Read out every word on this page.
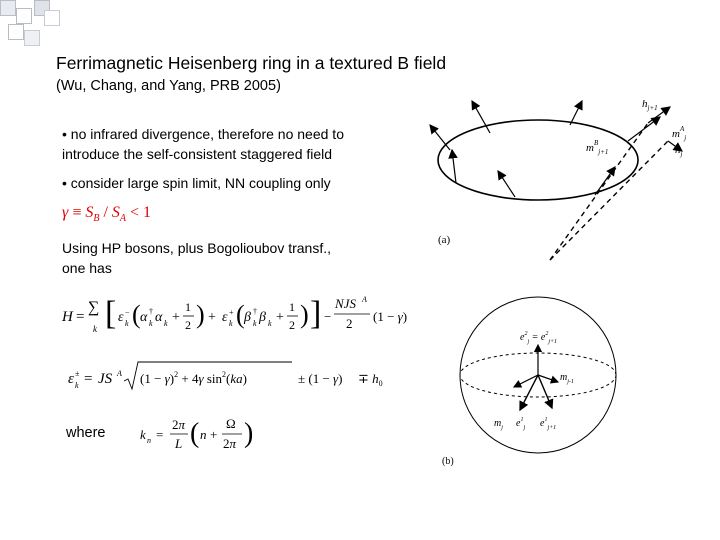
Ferrimagnetic Heisenberg ring in a textured B field
(Wu, Chang, and Yang, PRB 2005)
• no infrared divergence, therefore no need to
introduce the self-consistent staggered field
• consider large spin limit, NN coupling only
$\gamma \equiv S_B / S_A < 1$
Using HP bosons, plus Bogolioubov transf.,
one has
H =
∑
k [ ε −
k ( α †
k α k +
1
2 ) + ε +
k ( β †
k β k +
1
2 ) ] −
NJS A
2 (1 − γ)
ε ±
k = JS A $(1 - \gamma)^2 + 4\gamma$ $\sin^2(ka)$	± $(1 - \gamma) \mp h_0$
where	k n =
2π
L ( n +
Ω
2π )
$h_{j+1}$
$m^B_{j+1}$
$m^A_j$
$h_j$
(a)
$e^2_j = e^2_{j+1}$
$m_{j-1}$
$m_j$ $e^1_j$ $e^1_{j+1}$
(b)
